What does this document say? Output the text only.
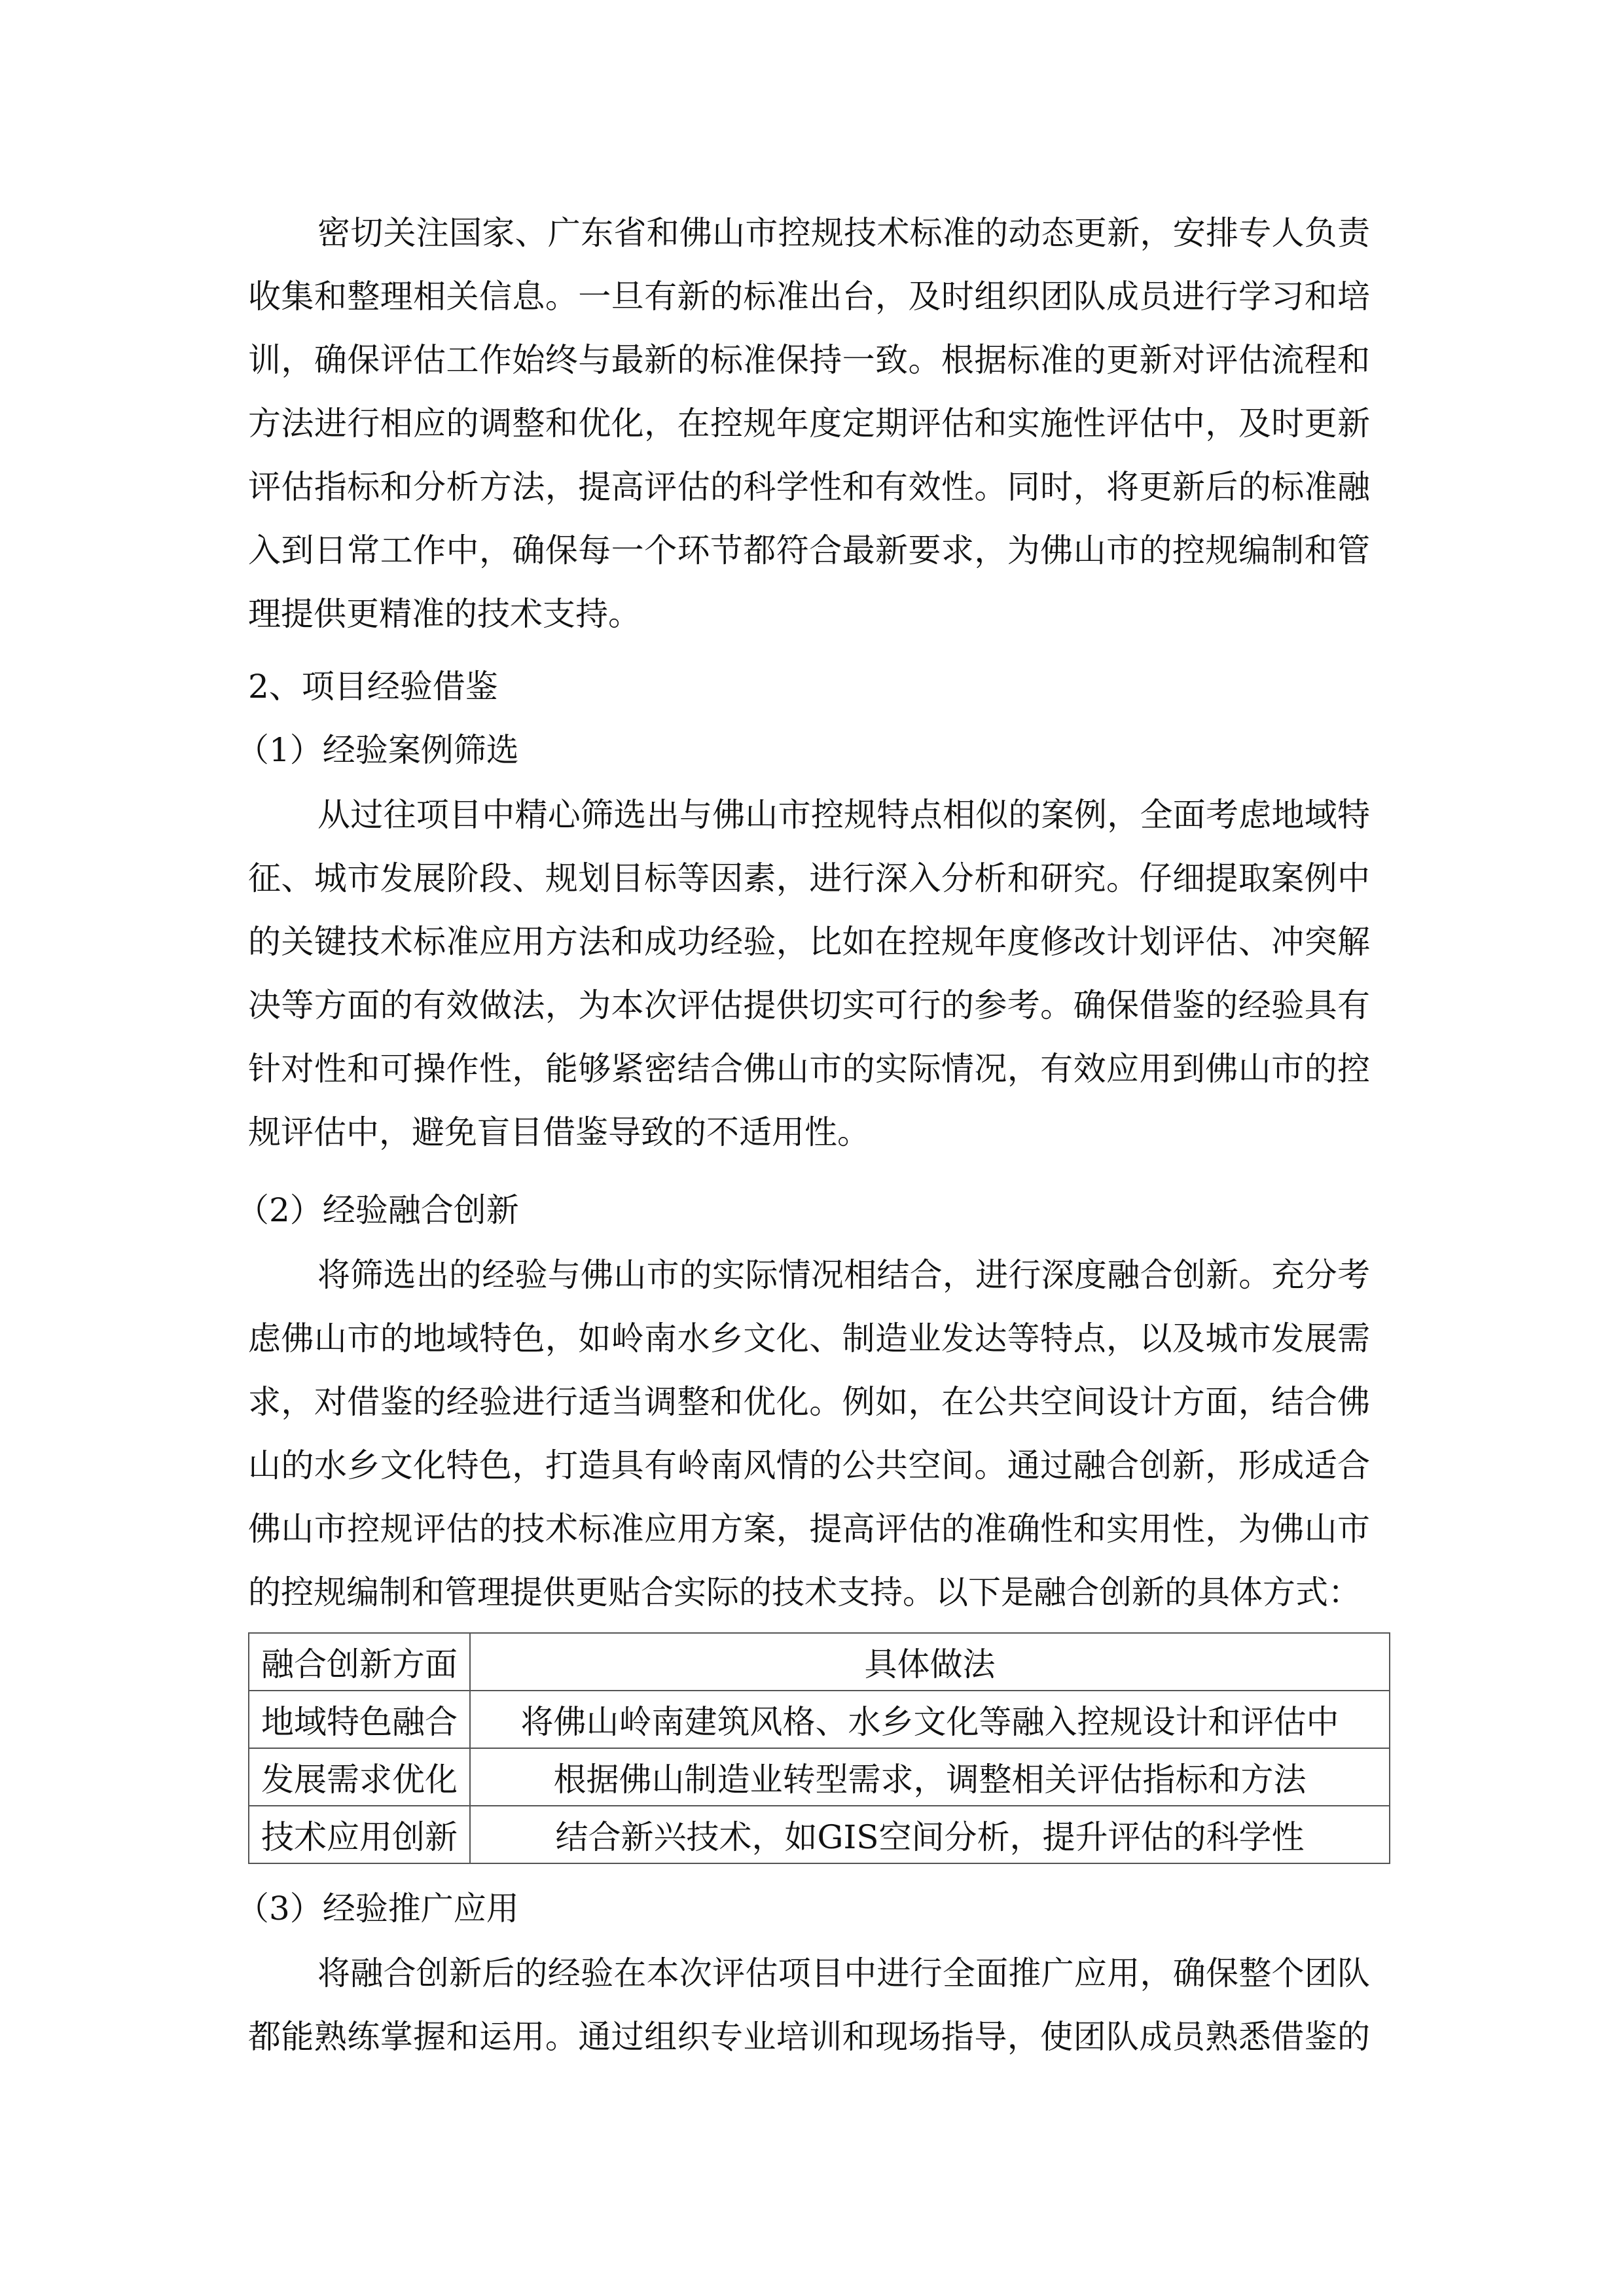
2、项目经验借鉴
（1）经验案例筛选
（2）经验融合创新
（3）经验推广应用
融合创新方面	具体做法
地域特色融合	将佛山岭南建筑风格、水乡文化等融入控规设计和评估中
发展需求优化	根据佛山制造业转型需求，调整相关评估指标和方法
技术应用创新	结合新兴技术，如GIS空间分析，提升评估的科学性
密切关注国家、广东省和佛山市控规技术标准的动态更新，安排专人负责
收集和整理相关信息。一旦有新的标准出台，及时组织团队成员进行学习和培
训，确保评估工作始终与最新的标准保持一致。根据标准的更新对评估流程和
方法进行相应的调整和优化，在控规年度定期评估和实施性评估中，及时更新
评估指标和分析方法，提高评估的科学性和有效性。同时，将更新后的标准融
入到日常工作中，确保每一个环节都符合最新要求，为佛山市的控规编制和管
理提供更精准的技术支持。
从过往项目中精心筛选出与佛山市控规特点相似的案例，全面考虑地域特
征、城市发展阶段、规划目标等因素，进行深入分析和研究。仔细提取案例中
的关键技术标准应用方法和成功经验，比如在控规年度修改计划评估、冲突解
决等方面的有效做法，为本次评估提供切实可行的参考。确保借鉴的经验具有
针对性和可操作性，能够紧密结合佛山市的实际情况，有效应用到佛山市的控
规评估中，避免盲目借鉴导致的不适用性。
将筛选出的经验与佛山市的实际情况相结合，进行深度融合创新。充分考
虑佛山市的地域特色，如岭南水乡文化、制造业发达等特点，以及城市发展需
求，对借鉴的经验进行适当调整和优化。例如，在公共空间设计方面，结合佛
山的水乡文化特色，打造具有岭南风情的公共空间。通过融合创新，形成适合
佛山市控规评估的技术标准应用方案，提高评估的准确性和实用性，为佛山市
的控规编制和管理提供更贴合实际的技术支持。以下是融合创新的具体方式：
将融合创新后的经验在本次评估项目中进行全面推广应用，确保整个团队
都能熟练掌握和运用。通过组织专业培训和现场指导，使团队成员熟悉借鉴的
